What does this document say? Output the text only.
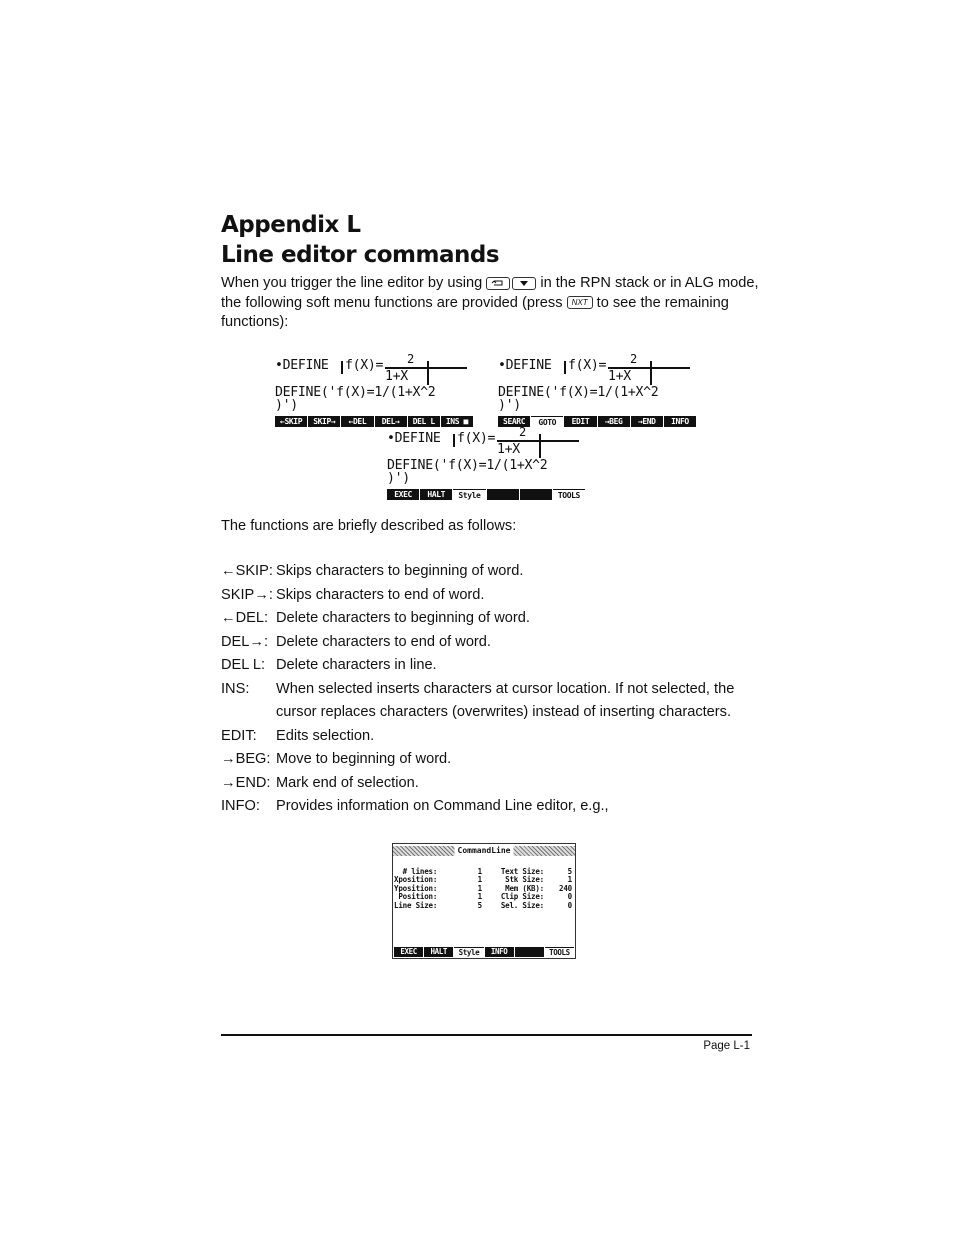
Appendix L
Line editor commands

When you trigger the line editor by using	in the RPN stack or in ALG mode, the following soft menu functions are provided (press NXT to see the remaining functions):

•DEFINE f(X)= 2
1+X
DEFINE('f(X)=1/(1+X^2
)')
←SKIP	SKIP→	←DEL	DEL→	DEL L	INS ■
•DEFINE f(X)= 2
1+X
DEFINE('f(X)=1/(1+X^2
)')
SEARC	GOTO	EDIT	→BEG	→END	INFO
•DEFINE f(X)= 2
1+X
DEFINE('f(X)=1/(1+X^2
)')
EXEC	HALT	Style	TOOLS

The functions are briefly described as follows:

←SKIP: Skips characters to beginning of word.
SKIP→: Skips characters to end of word.
←DEL: Delete characters to beginning of word.
DEL→: Delete characters to end of word.
DEL L: Delete characters in line.
INS:	When selected inserts characters at cursor location. If not selected, the cursor replaces characters (overwrites) instead of inserting characters.
EDIT:	Edits selection.
→BEG: Move to beginning of word.
→END: Mark end of selection.
INFO:	Provides information on Command Line editor, e.g.,
CommandLine
# lines:	1	Text Size:	5
Xposition:	1	Stk Size:	1
Yposition:	1	Mem (KB):	240
Position:	1	Clip Size:	0
Line Size:	5	Sel. Size:	0
EXEC	HALT	Style	INFO	TOOLS
Page L-1
